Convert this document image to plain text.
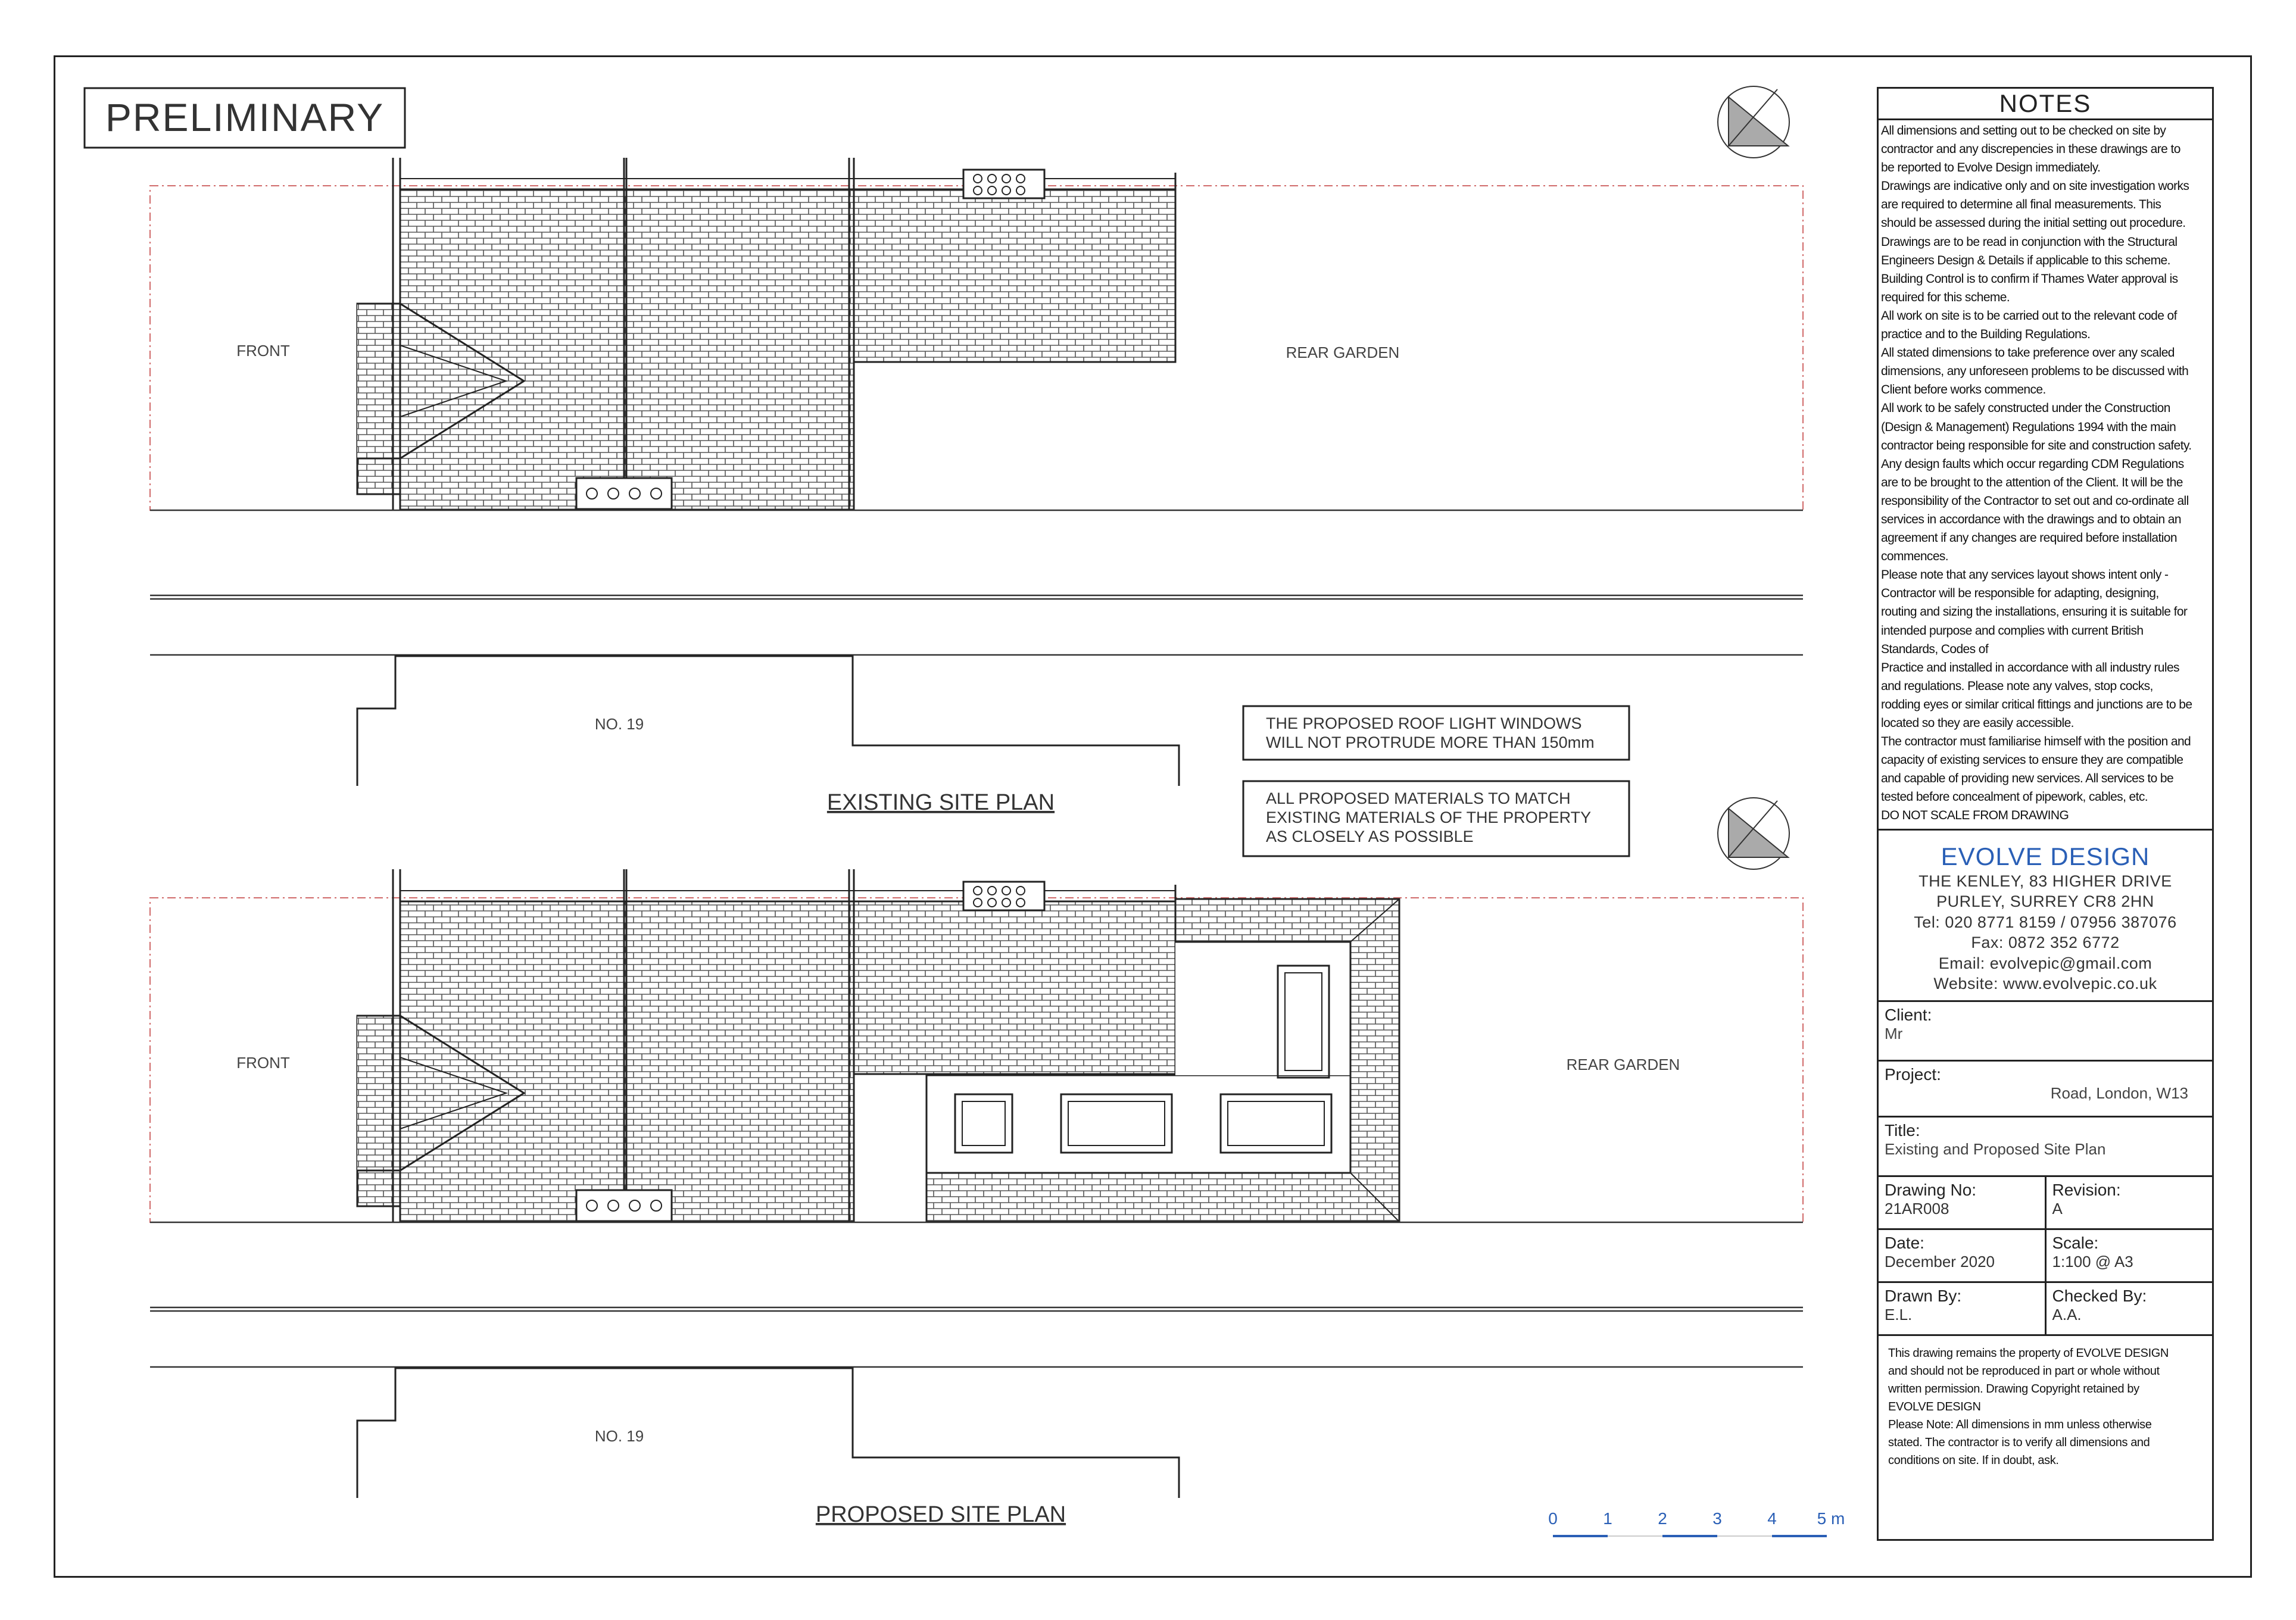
PRELIMINARY
FRONT	REAR GARDEN
NO. 19
EXISTING SITE PLAN
THE PROPOSED ROOF LIGHT WINDOWS
WILL NOT PROTRUDE MORE THAN 150mm
ALL PROPOSED MATERIALS TO MATCH
EXISTING MATERIALS OF THE PROPERTY
AS CLOSELY AS POSSIBLE
FRONT	REAR GARDEN
NO. 19
PROPOSED SITE PLAN	0	1	2	3	4 5 m
NOTES

All dimensions and setting out to be checked on site by

contractor and any discrepencies in these drawings are to

be reported to Evolve Design immediately.

Drawings are indicative only and on site investigation works

are required to determine all final measurements. This

should be assessed during the initial setting out procedure.

Drawings are to be read in conjunction with the Structural

Engineers Design & Details if applicable to this scheme.

Building Control is to confirm if Thames Water approval is

required for this scheme.

All work on site is to be carried out to the relevant code of

practice and to the Building Regulations.

All stated dimensions to take preference over any scaled

dimensions, any unforeseen problems to be discussed with

Client before works commence.

All work to be safely constructed under the Construction

(Design & Management) Regulations 1994 with the main

contractor being responsible for site and construction safety.

Any design faults which occur regarding CDM Regulations

are to be brought to the attention of the Client. It will be the

responsibility of the Contractor to set out and co-ordinate all

services in accordance with the drawings and to obtain an

agreement if any changes are required before installation

commences.

Please note that any services layout shows intent only -

Contractor will be responsible for adapting, designing,

routing and sizing the installations, ensuring it is suitable for

intended purpose and complies with current British

Standards, Codes of

Practice and installed in accordance with all industry rules

and regulations. Please note any valves, stop cocks,

rodding eyes or similar critical fittings and junctions are to be

located so they are easily accessible.

The contractor must familiarise himself with the position and

capacity of existing services to ensure they are compatible

and capable of providing new services. All services to be

tested before concealment of pipework, cables, etc.

DO NOT SCALE FROM DRAWING

EVOLVE DESIGN
THE KENLEY, 83 HIGHER DRIVE
PURLEY, SURREY CR8 2HN
Tel: 020 8771 8159 / 07956 387076
Fax: 0872 352 6772
Email: evolvepic@gmail.com
Website: www.evolvepic.co.uk
Client:
Mr
Project:
Road, London, W13
Title:
Existing and Proposed Site Plan
Drawing No:
21AR008
Revision:
A
Date:
December 2020
Scale:
1:100 @ A3
Drawn By:
E.L.
Checked By:
A.A.

This drawing remains the property of EVOLVE DESIGN

and should not be reproduced in part or whole without

written permission. Drawing Copyright retained by

EVOLVE DESIGN

Please Note: All dimensions in mm unless otherwise

stated. The contractor is to verify all dimensions and

conditions on site. If in doubt, ask.
